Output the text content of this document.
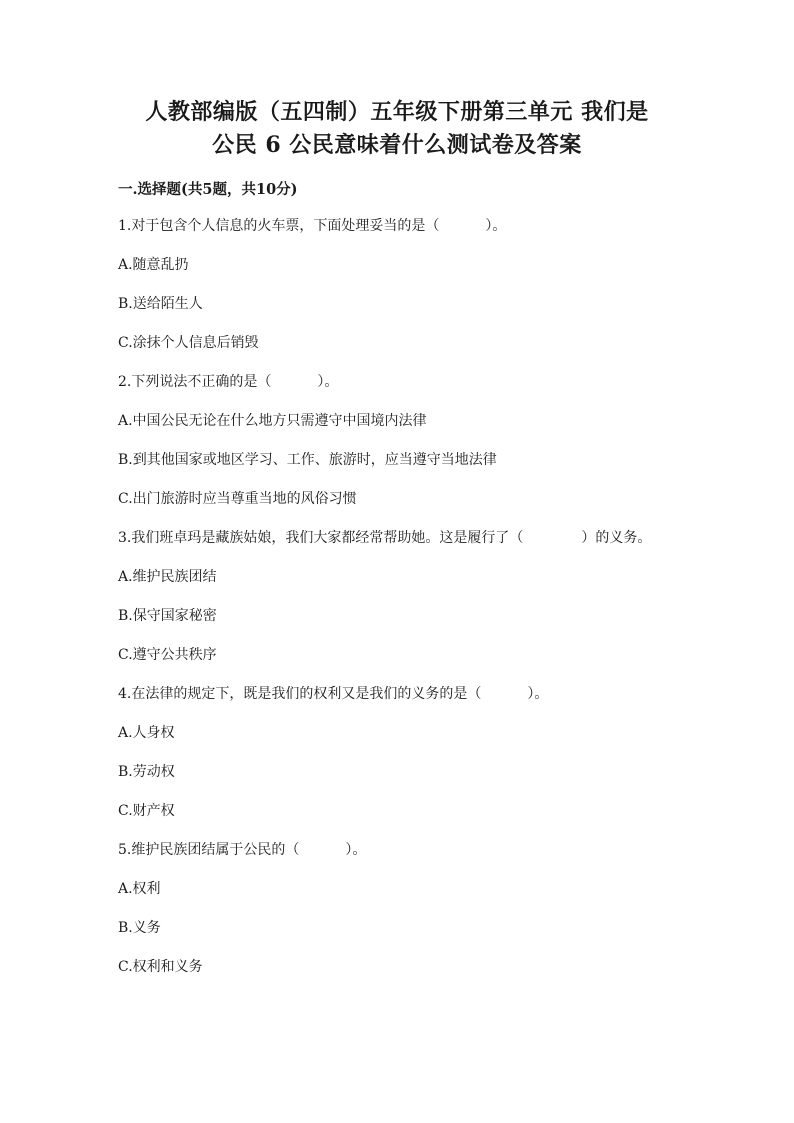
人教部编版（五四制）五年级下册第三单元 我们是
公民 6 公民意味着什么测试卷及答案
一.选择题(共5题，共10分)
1.对于包含个人信息的火车票，下面处理妥当的是（	）。
A.随意乱扔
B.送给陌生人
C.涂抹个人信息后销毁
2.下列说法不正确的是（	）。
A.中国公民无论在什么地方只需遵守中国境内法律
B.到其他国家或地区学习、工作、旅游时，应当遵守当地法律
C.出门旅游时应当尊重当地的风俗习惯
3.我们班卓玛是藏族姑娘，我们大家都经常帮助她。这是履行了（	）的义务。
A.维护民族团结
B.保守国家秘密
C.遵守公共秩序
4.在法律的规定下，既是我们的权利又是我们的义务的是（	）。
A.人身权
B.劳动权
C.财产权
5.维护民族团结属于公民的（	）。
A.权利
B.义务
C.权利和义务
